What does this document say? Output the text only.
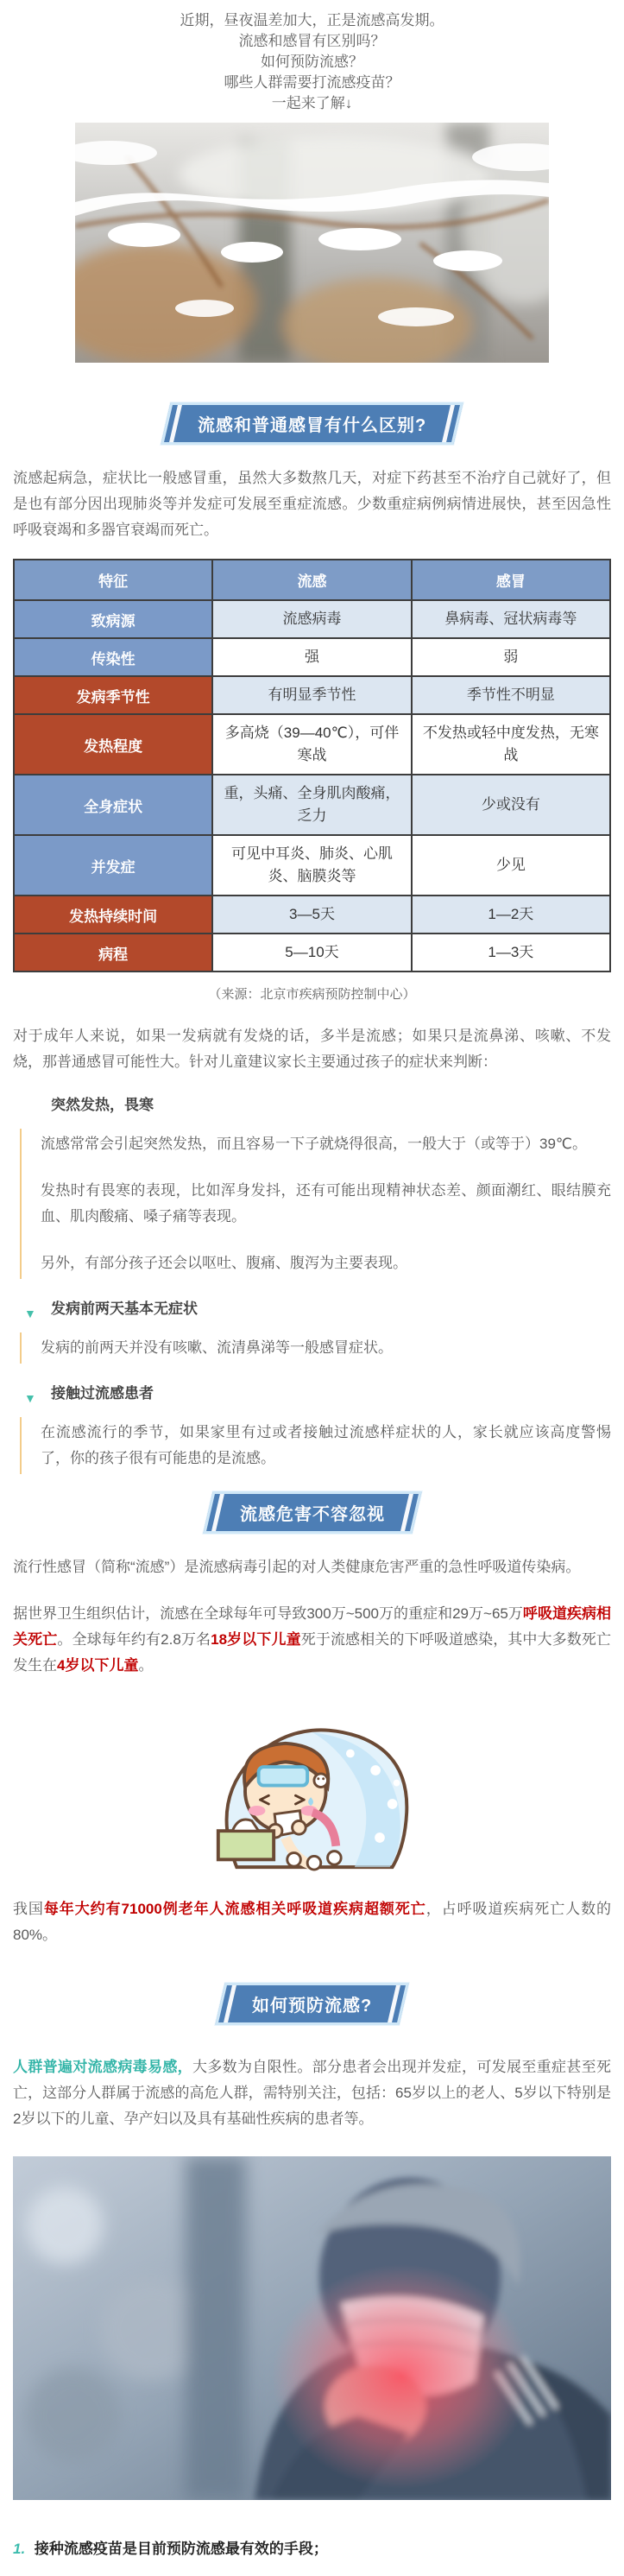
近期，昼夜温差加大，正是流感高发期。
流感和感冒有区别吗？
如何预防流感？
哪些人群需要打流感疫苗？
一起来了解↓
流感和普通感冒有什么区别?

流感起病急，症状比一般感冒重，虽然大多数熬几天，对症下药甚至不治疗自己就好了，但是也有部分因出现肺炎等并发症可发展至重症流感。少数重症病例病情进展快，甚至因急性呼吸衰竭和多器官衰竭而死亡。

特征	流感	感冒
致病源	流感病毒	鼻病毒、冠状病毒等
传染性	强	弱
发病季节性	有明显季节性	季节性不明显
发热程度	多高烧（39—40℃），可伴寒战	不发热或轻中度发热，无寒战
全身症状	重，头痛、全身肌肉酸痛，乏力	少或没有
并发症	可见中耳炎、肺炎、心肌炎、脑膜炎等	少见
发热持续时间	3—5天	1—2天
病程	5—10天	1—3天
（来源：北京市疾病预防控制中心）

对于成年人来说，如果一发病就有发烧的话，多半是流感；如果只是流鼻涕、咳嗽、不发烧，那普通感冒可能性大。针对儿童建议家长主要通过孩子的症状来判断：

突然发热，畏寒

流感常常会引起突然发热，而且容易一下子就烧得很高，一般大于（或等于）39℃。

发热时有畏寒的表现，比如浑身发抖，还有可能出现精神状态差、颜面潮红、眼结膜充血、肌肉酸痛、嗓子痛等表现。

另外，有部分孩子还会以呕吐、腹痛、腹泻为主要表现。

▼ 发病前两天基本无症状

发病的前两天并没有咳嗽、流清鼻涕等一般感冒症状。

▼ 接触过流感患者

在流感流行的季节，如果家里有过或者接触过流感样症状的人，家长就应该高度警惕了，你的孩子很有可能患的是流感。

流感危害不容忽视

流行性感冒（简称“流感”）是流感病毒引起的对人类健康危害严重的急性呼吸道传染病。

据世界卫生组织估计，流感在全球每年可导致300万~500万的重症和29万~65万呼吸道疾病相关死亡。全球每年约有2.8万名18岁以下儿童死于流感相关的下呼吸道感染，其中大多数死亡发生在4岁以下儿童。

我国每年大约有71000例老年人流感相关呼吸道疾病超额死亡，占呼吸道疾病死亡人数的80%。

如何预防流感?

人群普遍对流感病毒易感，大多数为自限性。部分患者会出现并发症，可发展至重症甚至死亡，这部分人群属于流感的高危人群，需特别关注，包括：65岁以上的老人、5岁以下特别是2岁以下的儿童、孕产妇以及具有基础性疾病的患者等。

1. 接种流感疫苗是目前预防流感最有效的手段；
